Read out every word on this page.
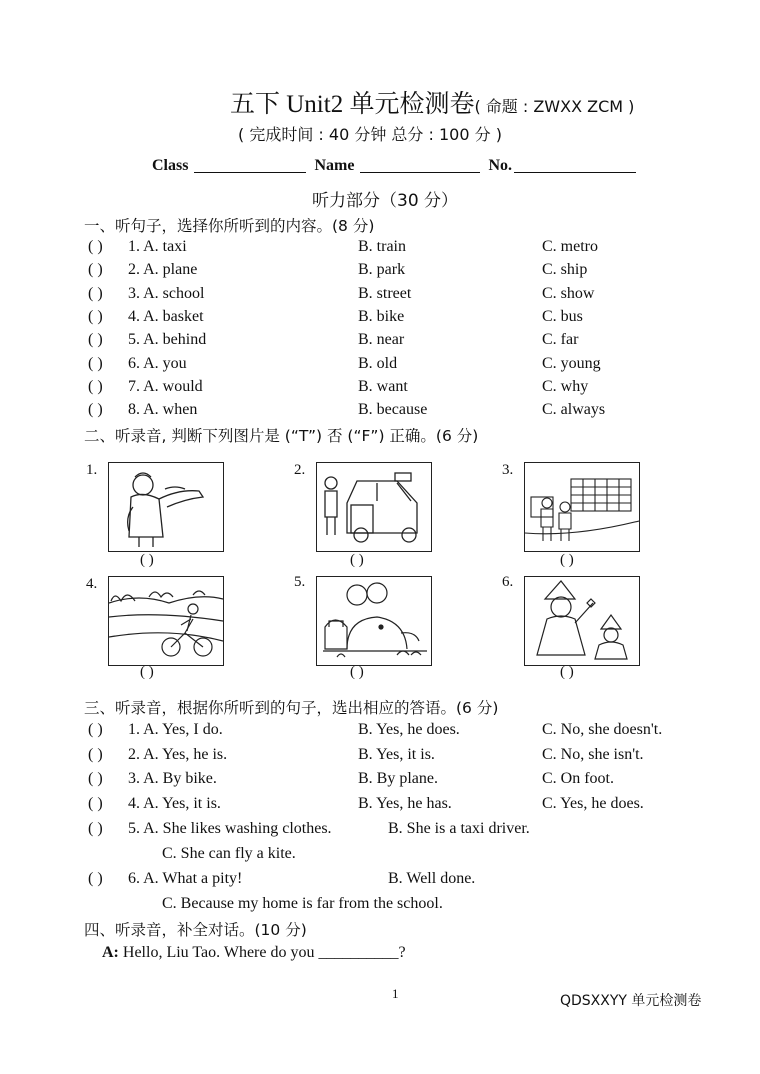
五下 Unit2 单元检测卷( 命题 : ZWXX ZCM )
( 完成时间 : 40 分钟 总分 : 100 分 )
Class	Name	No.
听力部分（30 分）
一、听句子，选择你所听到的内容。(8 分)
( ) 1. A. taxi	B. train	C. metro
( ) 2. A. plane	B. park	C. ship
( ) 3. A. school	B. street	C. show
( ) 4. A. basket	B. bike	C. bus
( ) 5. A. behind	B. near	C. far
( ) 6. A. you	B. old	C. young
( ) 7. A. would	B. want	C. why
( ) 8. A. when	B. because	C. always
二、听录音, 判断下列图片是 (“T”) 否 (“F”) 正确。(6 分)
1.
( )
2.
( )
3.
( )
4.
( )
5.
( )
6.
( )
三、听录音，根据你所听到的句子，选出相应的答语。(6 分)
( ) 1. A. Yes, I do.	B. Yes, he does.	C. No, she doesn't.
( ) 2. A. Yes, he is.	B. Yes, it is.	C. No, she isn't.
( ) 3. A. By bike.	B. By plane.	C. On foot.
( ) 4. A. Yes, it is.	B. Yes, he has.	C. Yes, he does.
( ) 5. A. She likes washing clothes.	B. She is a taxi driver.
C. She can fly a kite.
( ) 6. A. What a pity!	B. Well done.
C. Because my home is far from the school.
四、听录音，补全对话。(10 分)
A: Hello, Liu Tao. Where do you __________?
1	QDSXXYY 单元检测卷
